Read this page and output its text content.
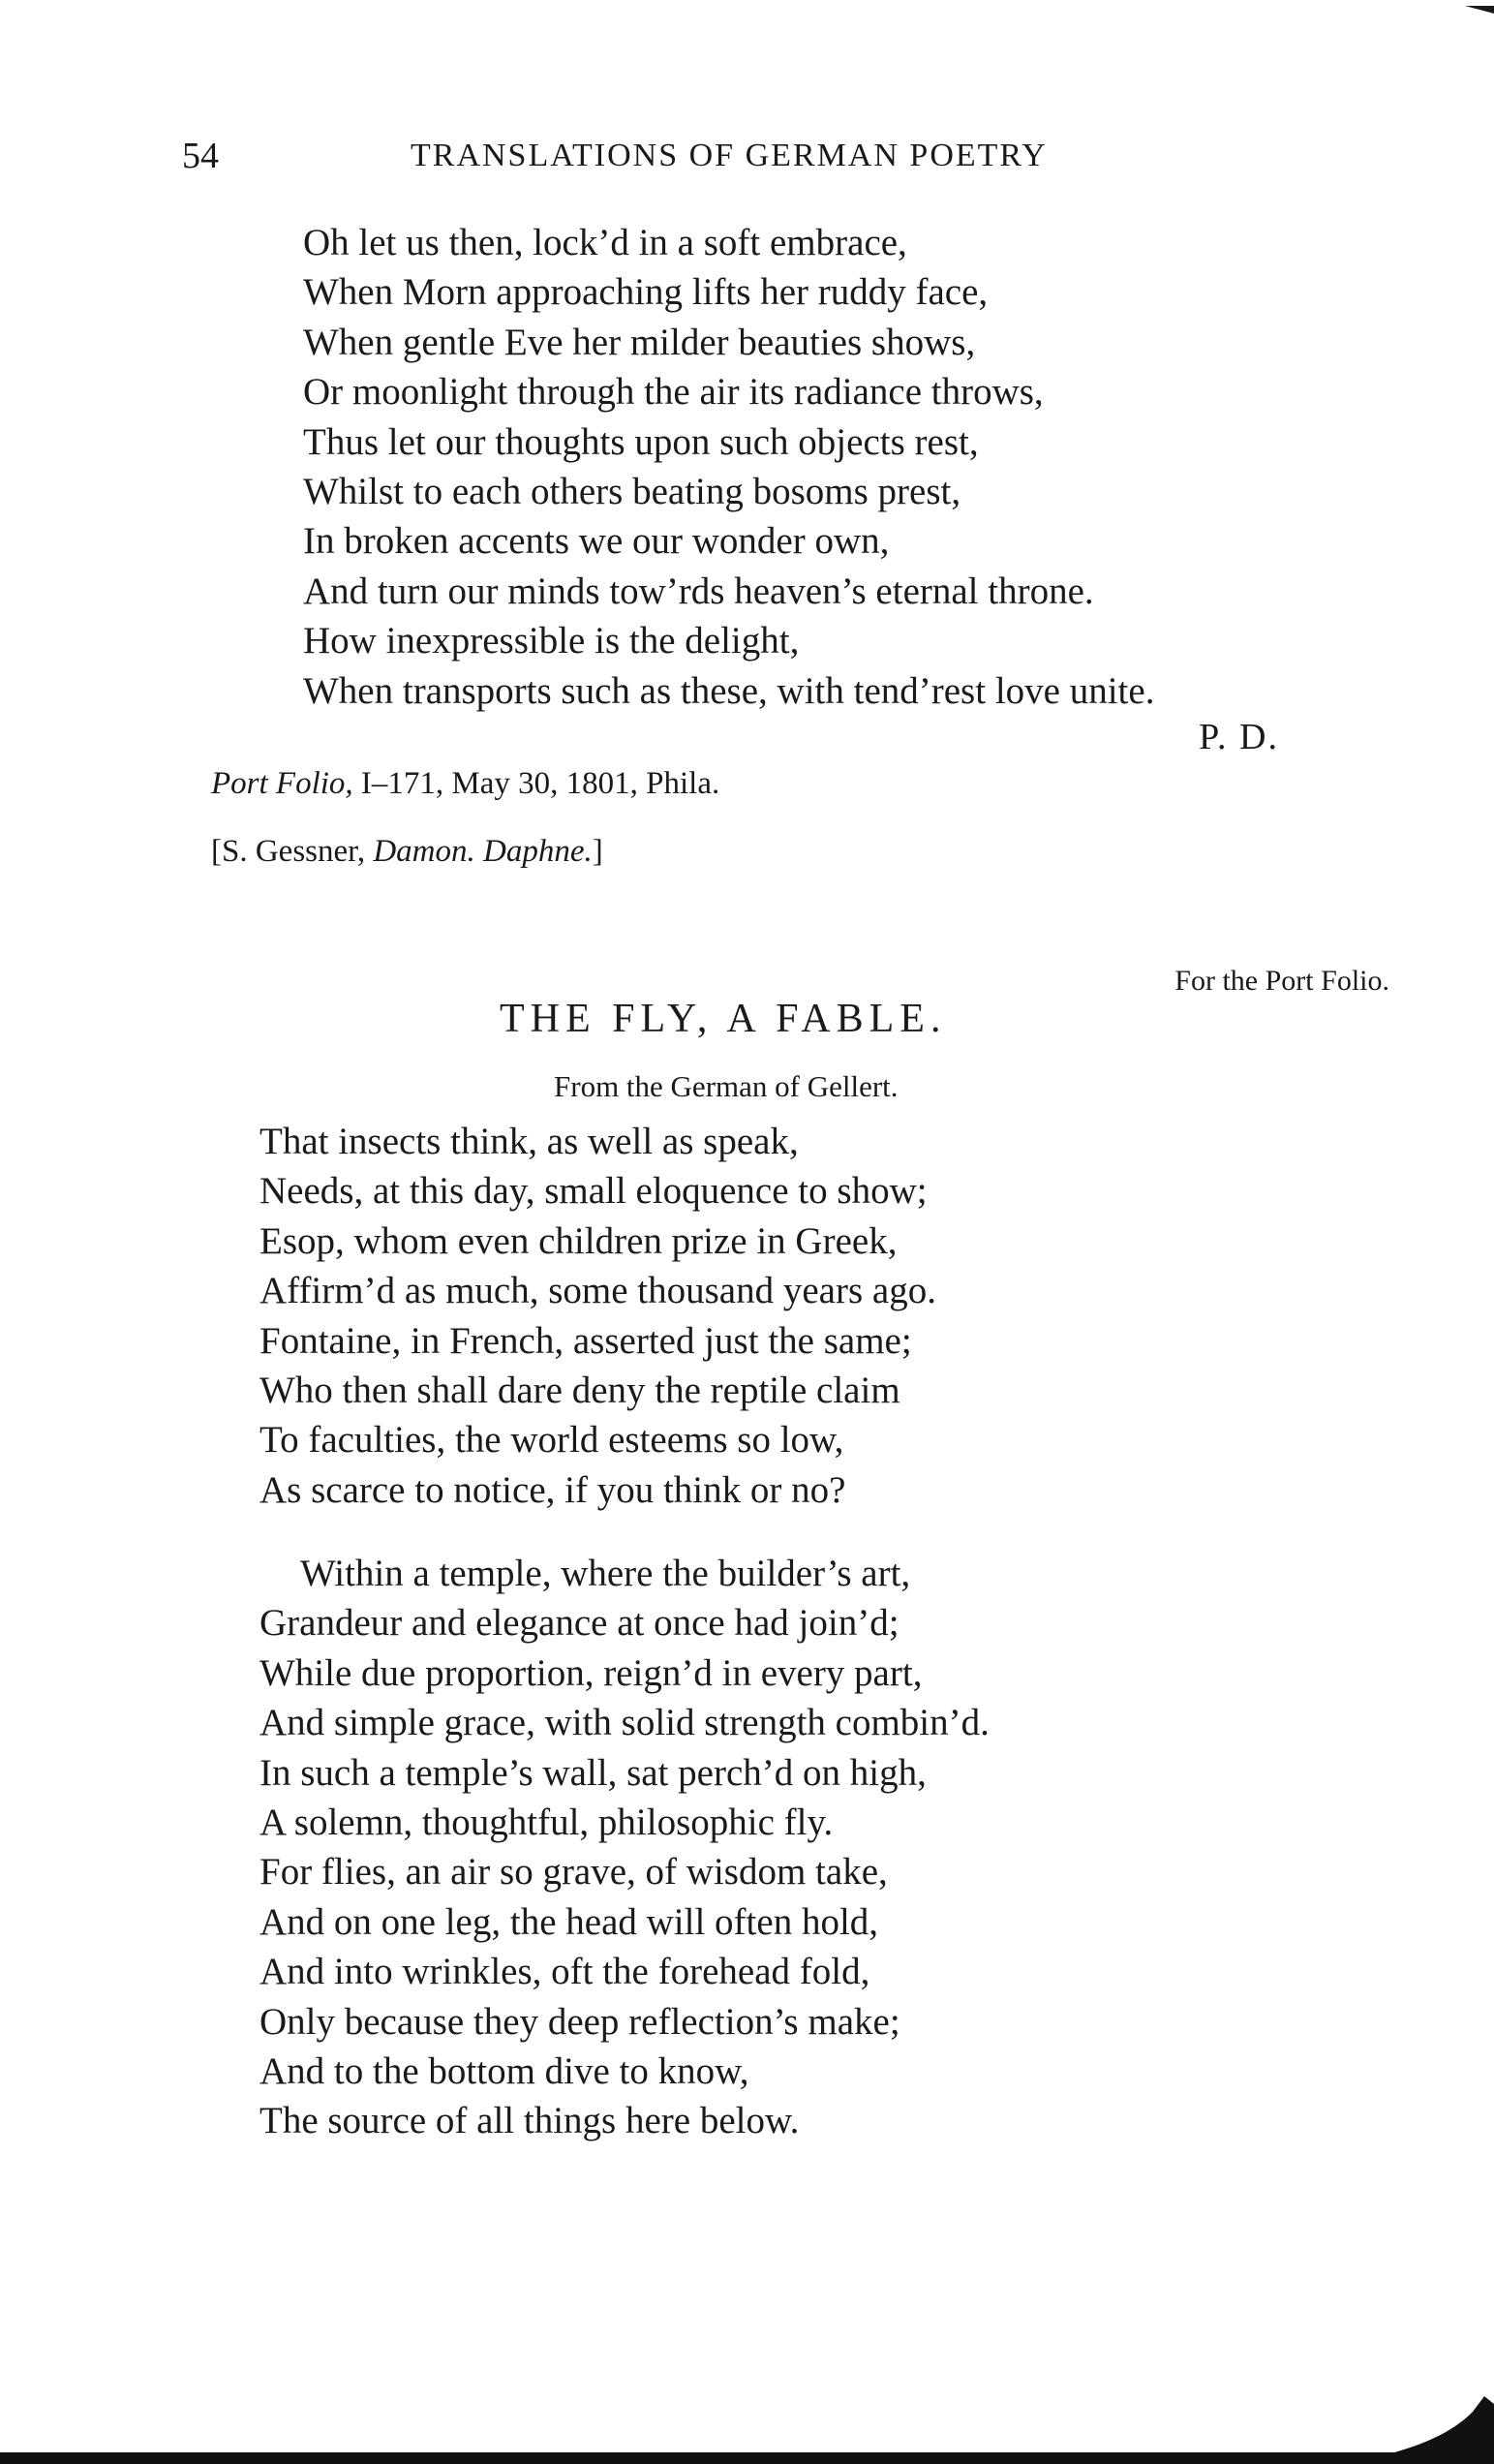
54	TRANSLATIONS OF GERMAN POETRY
Oh let us then, lock’d in a soft embrace,
When Morn approaching lifts her ruddy face,
When gentle Eve her milder beauties shows,
Or moonlight through the air its radiance throws,
Thus let our thoughts upon such objects rest,
Whilst to each others beating bosoms prest,
In broken accents we our wonder own,
And turn our minds tow’rds heaven’s eternal throne.
How inexpressible is the delight,
When transports such as these, with tend’rest love unite.
P. D.
Port Folio, I–171, May 30, 1801, Phila.
[S. Gessner, Damon. Daphne.]
For the Port Folio.
THE FLY, A FABLE.
From the German of Gellert.
That insects think, as well as speak,
Needs, at this day, small eloquence to show;
Esop, whom even children prize in Greek,
Affirm’d as much, some thousand years ago.
Fontaine, in French, asserted just the same;
Who then shall dare deny the reptile claim
To faculties, the world esteems so low,
As scarce to notice, if you think or no?
Within a temple, where the builder’s art,
Grandeur and elegance at once had join’d;
While due proportion, reign’d in every part,
And simple grace, with solid strength combin’d.
In such a temple’s wall, sat perch’d on high,
A solemn, thoughtful, philosophic fly.
For flies, an air so grave, of wisdom take,
And on one leg, the head will often hold,
And into wrinkles, oft the forehead fold,
Only because they deep reflection’s make;
And to the bottom dive to know,
The source of all things here below.
